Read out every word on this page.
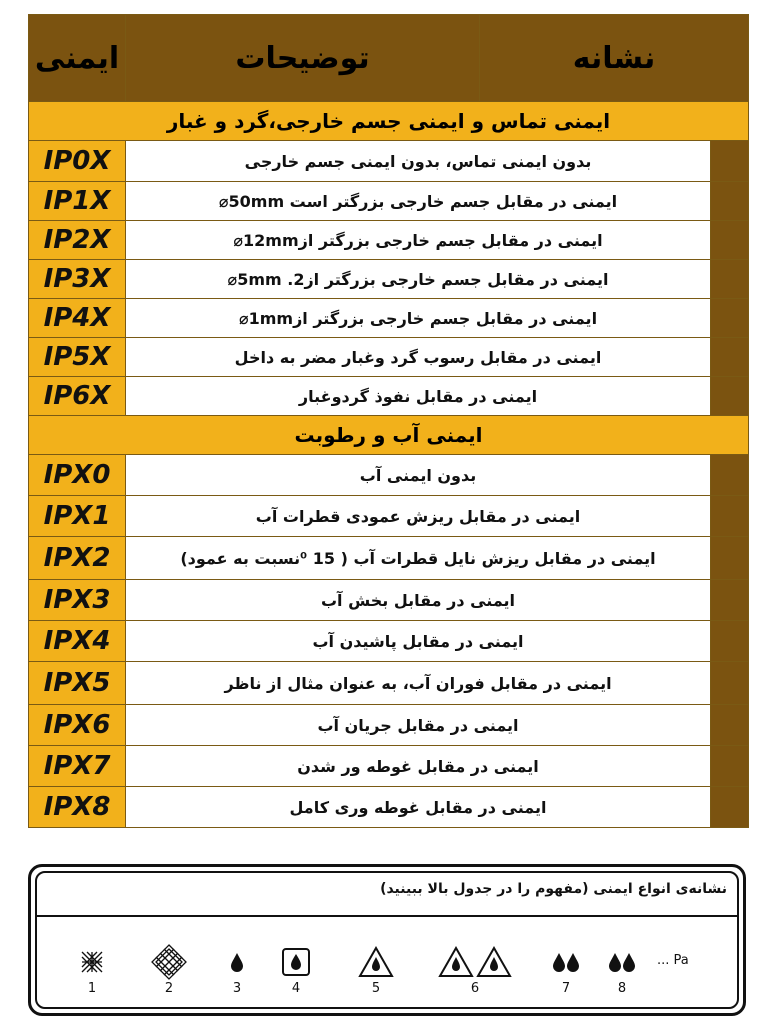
ایمنی	توضیحات	نشانه	
ایمنی تماس و ایمنی جسم خارجی،گرد و غبار			
IP0X	بدون ایمنی تماس، بدون ایمنی جسم خارجی		
IP1X	ایمنی در مقابل جسم خارجی بزرگتر است 50mm⌀		
IP2X	ایمنی در مقابل جسم خارجی بزرگتر از12mm⌀		
IP3X	ایمنی در مقابل جسم خارجی بزرگتر از2. 5mm⌀		
IP4X	ایمنی در مقابل جسم خارجی بزرگتر از1mm⌀		
IP5X	ایمنی در مقابل رسوب گرد وغبار مضر به داخل		
IP6X	ایمنی در مقابل نفوذ گردوغبار		
ایمنی آب و رطوبت			
IPX0	بدون ایمنی آب		
IPX1	ایمنی در مقابل ریزش عمودی قطرات آب		
IPX2	ایمنی در مقابل ریزش نایل قطرات آب ( 15 ⁰نسبت به عمود)		
IPX3	ایمنی در مقابل بخش آب		
IPX4	ایمنی در مقابل پاشیدن آب		
IPX5	ایمنی در مقابل فوران آب، به عنوان مثال از ناظر		
IPX6	ایمنی در مقابل جریان آب		
IPX7	ایمنی در مقابل غوطه ور شدن		
IPX8	ایمنی در مقابل غوطه وری کامل		
نشانه‌ی انواع ایمنی (مفهوم را در جدول بالا ببینید)
... Pa
1	2	3	4	5	6	7	8
